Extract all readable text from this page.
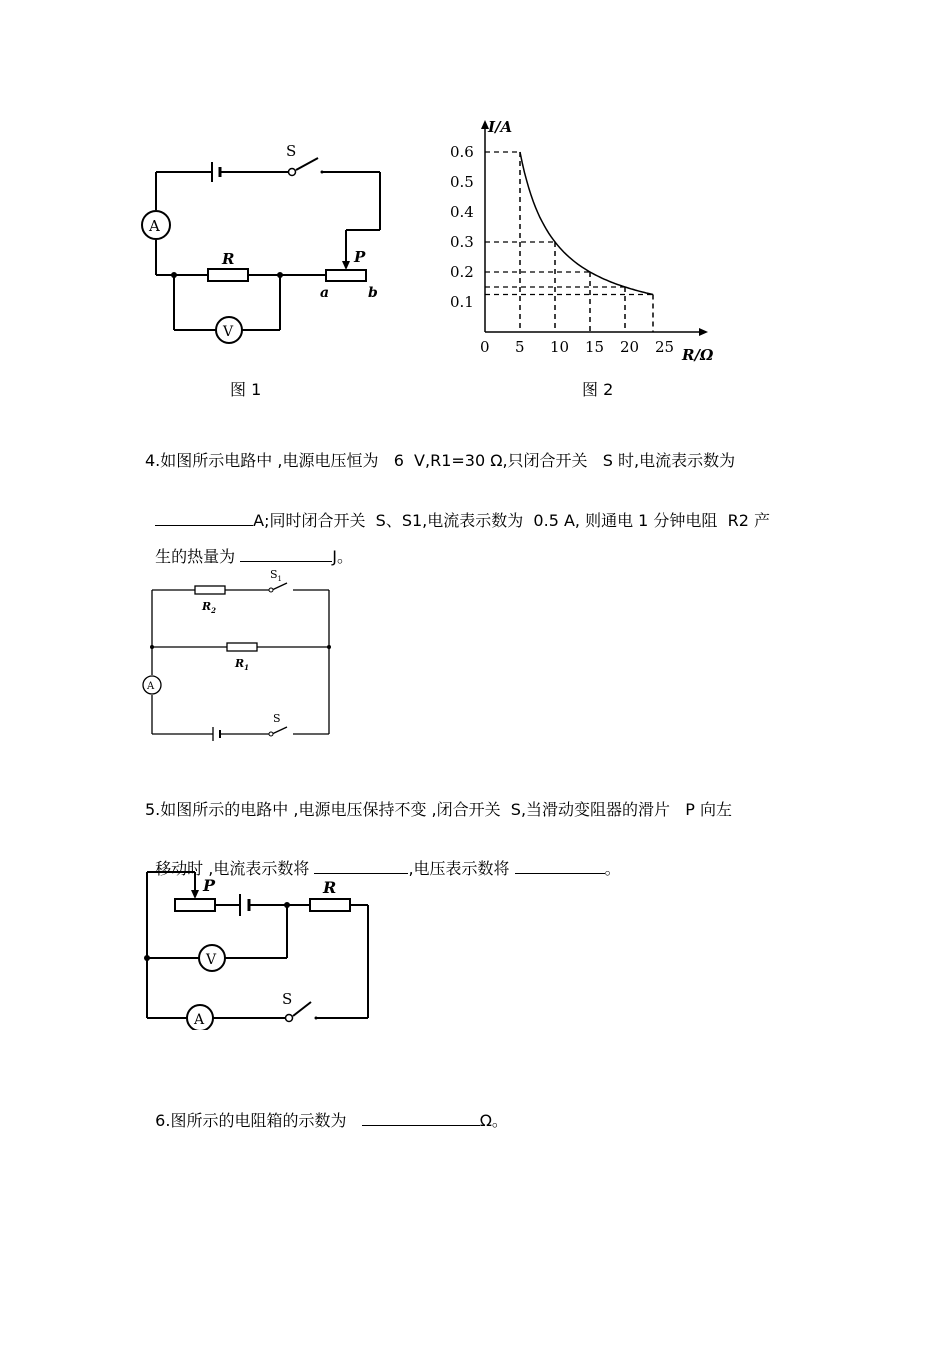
S
A
R
V
P
a	b
0 5 10 15 20 25
0.1
0.2
0.3
0.4
0.5
0.6
I/A
R/Ω
图 1	图 2
4.如图所示电路中 ,电源电压恒为   6  V,R1=30 Ω,只闭合开关   S 时,电流表示数为

A;同时闭合开关  S、S1,电流表示数为  0.5 A, 则通电 1 分钟电阻  R2 产

生的热量为	J。

A
$R_2$
$R_1$
$S_1$
S
5.如图所示的电路中 ,电源电压保持不变 ,闭合开关  S,当滑动变阻器的滑片   P 向左

移动时 ,电流表示数将	,电压表示数将	。

P	R
V
A
S

6.图所示的电阻箱的示数为	Ω。
